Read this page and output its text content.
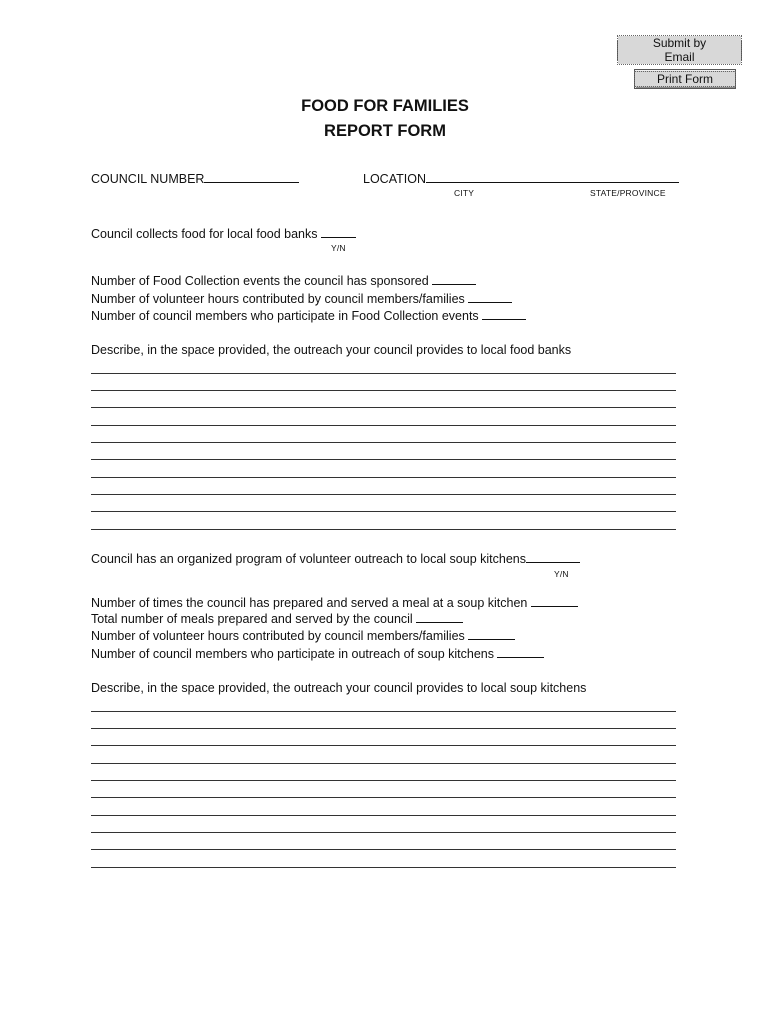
Submit by Email
Print Form
FOOD FOR FAMILIES
REPORT FORM
COUNCIL NUMBER	LOCATION
CITY	STATE/PROVINCE
Council collects food for local food banks
Y/N
Number of Food Collection events the council has sponsored
Number of volunteer hours contributed by council members/families
Number of council members who participate in Food Collection events
Describe, in the space provided, the outreach your council provides to local food banks
Council has an organized program of volunteer outreach to local soup kitchens
Y/N
Number of times the council has prepared and served a meal at a soup kitchen
Total number of meals prepared and served by the council
Number of volunteer hours contributed by council members/families
Number of council members who participate in outreach of soup kitchens
Describe, in the space provided, the outreach your council provides to local soup kitchens
